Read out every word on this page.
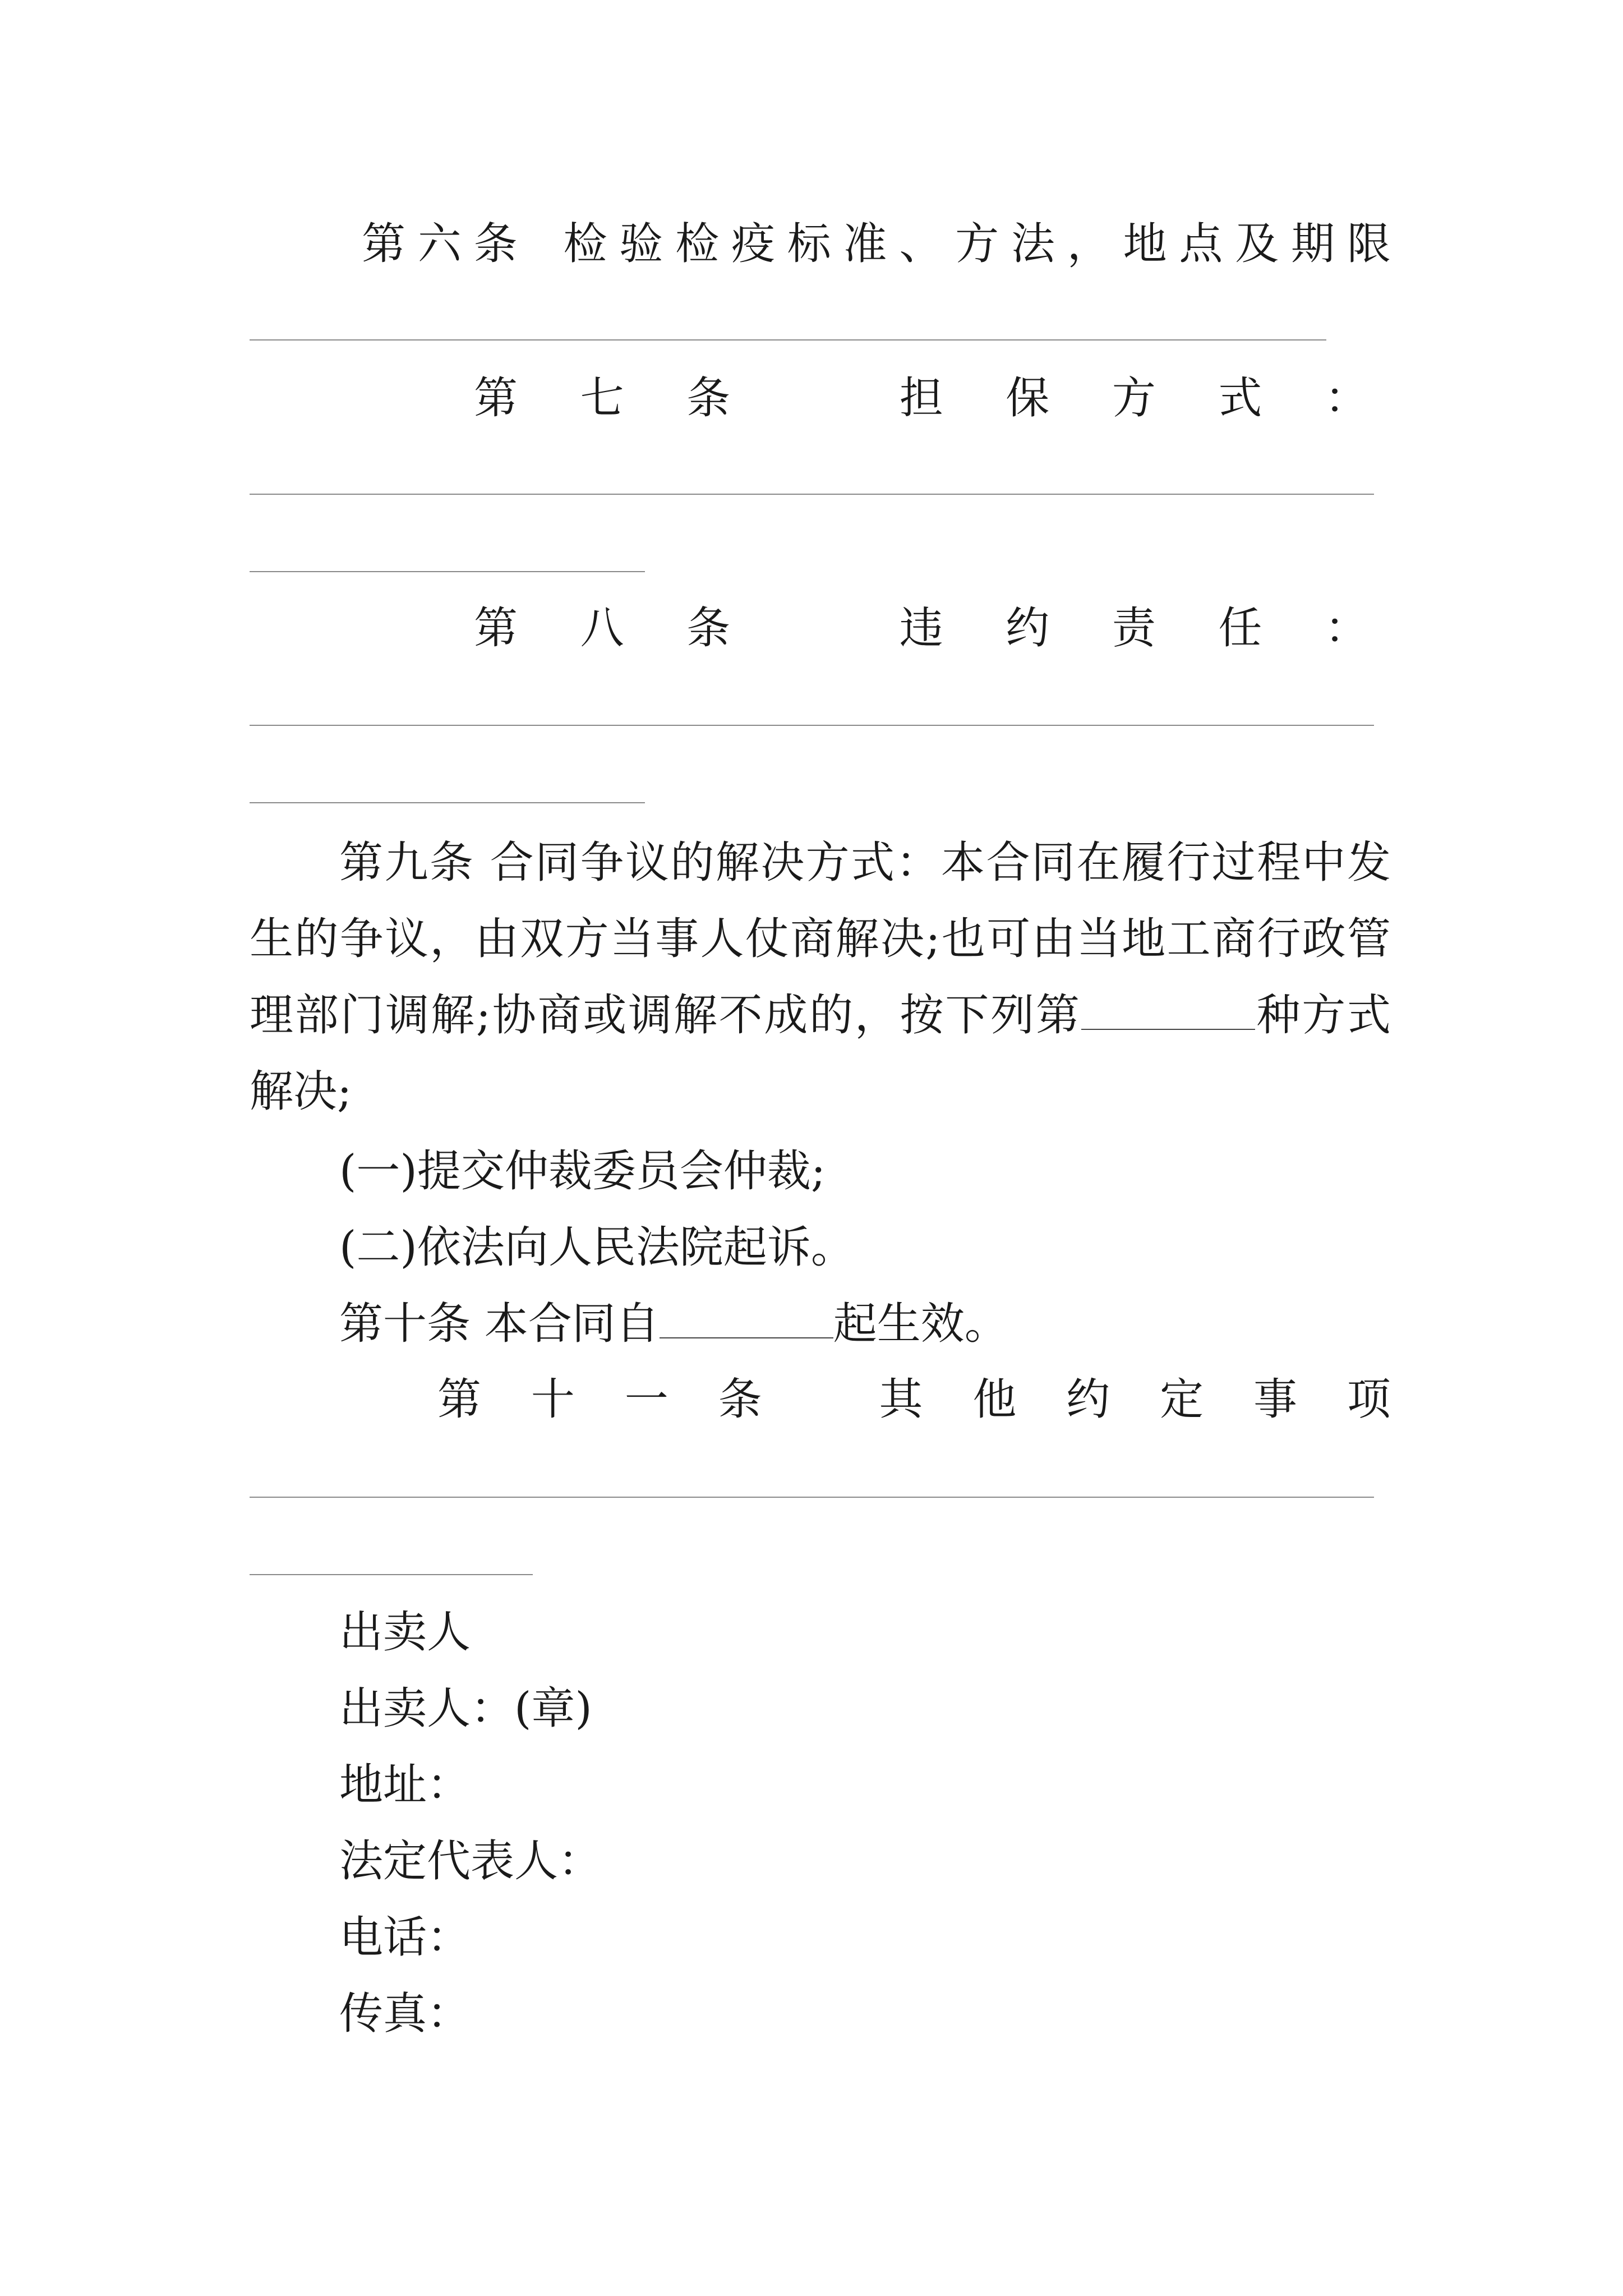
第 六 条 检 验 检 疫 标 准 、 方 法 ， 地 点 及 期 限
第 七 条	担 保 方 式 ：
第 八 条	违 约 责 任 ：
第九条 合同争议的解决方式：本合同在履行过程中发生的争议，由双方当事人仗商解决;也可由当地工商行政管理部门调解;协商或调解不成的，按下列第	种方式解决;
(一)提交仲裁委员会仲裁;
(二)依法向人民法院起诉。
第十条 本合同自	起生效。
第 十 一 条	其 他 约 定 事 项
出卖人
出卖人：(章)
地址：
法定代表人：
电话：
传真：
